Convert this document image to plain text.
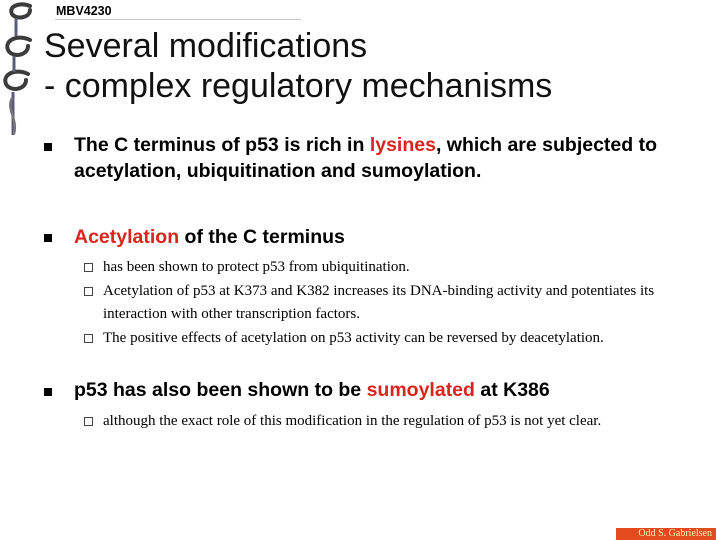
MBV4230
Several modifications
- complex regulatory mechanisms
The C terminus of p53 is rich in lysines, which are subjected to acetylation, ubiquitination and sumoylation.
Acetylation of the C terminus
has been shown to protect p53 from ubiquitination.
Acetylation of p53 at K373 and K382 increases its DNA-binding activity and potentiates its interaction with other transcription factors.
The positive effects of acetylation on p53 activity can be reversed by deacetylation.
p53 has also been shown to be sumoylated at K386
although the exact role of this modification in the regulation of p53 is not yet clear.
Odd S. Gabrielsen
